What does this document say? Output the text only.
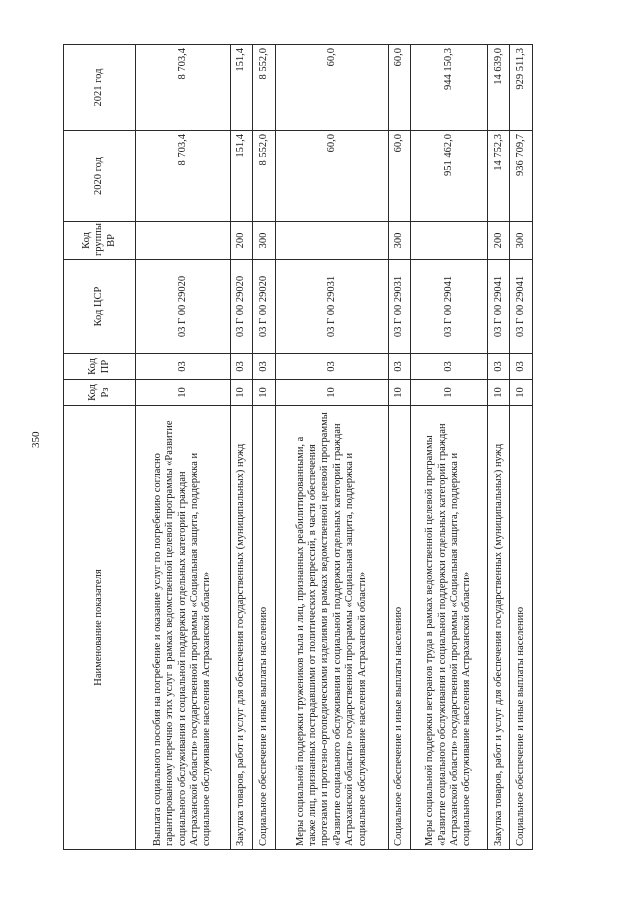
350
Наименование показателя	Код Рз	Код ПР	Код ЦСР	Код группы ВР	2020 год	2021 год
Выплата социального пособия на погребение и оказание услуг по погребению согласно гарантированному перечню этих услуг в рамках ведомственной целевой программы «Развитие социального обслуживания и социальной поддержки отдельных категорий граждан Астраханской области» государственной программы «Социальная защита, поддержка и социальное обслуживание населения Астраханской области»	10	03	03 Г 00 29020		8 703,4	8 703,4
Закупка товаров, работ и услуг для обеспечения государственных (муниципальных) нужд	10	03	03 Г 00 29020	200	151,4	151,4
Социальное обеспечение и иные выплаты населению	10	03	03 Г 00 29020	300	8 552,0	8 552,0
Меры социальной поддержки тружеников тыла и лиц, признанных реабилитированными, а также лиц, признанных пострадавшими от политических репрессий, в части обеспечения протезами и протезно-ортопедическими изделиями в рамках ведомственной целевой программы «Развитие социального обслуживания и социальной поддержки отдельных категорий граждан Астраханской области» государственной программы «Социальная защита, поддержка и социальное обслуживание населения Астраханской области»	10	03	03 Г 00 29031		60,0	60,0
Социальное обеспечение и иные выплаты населению	10	03	03 Г 00 29031	300	60,0	60,0
Меры социальной поддержки ветеранов труда в рамках ведомственной целевой программы «Развитие социального обслуживания и социальной поддержки отдельных категорий граждан Астраханской области» государственной программы «Социальная защита, поддержка и социальное обслуживание населения Астраханской области»	10	03	03 Г 00 29041		951 462,0	944 150,3
Закупка товаров, работ и услуг для обеспечения государственных (муниципальных) нужд	10	03	03 Г 00 29041	200	14 752,3	14 639,0
Социальное обеспечение и иные выплаты населению	10	03	03 Г 00 29041	300	936 709,7	929 511,3
